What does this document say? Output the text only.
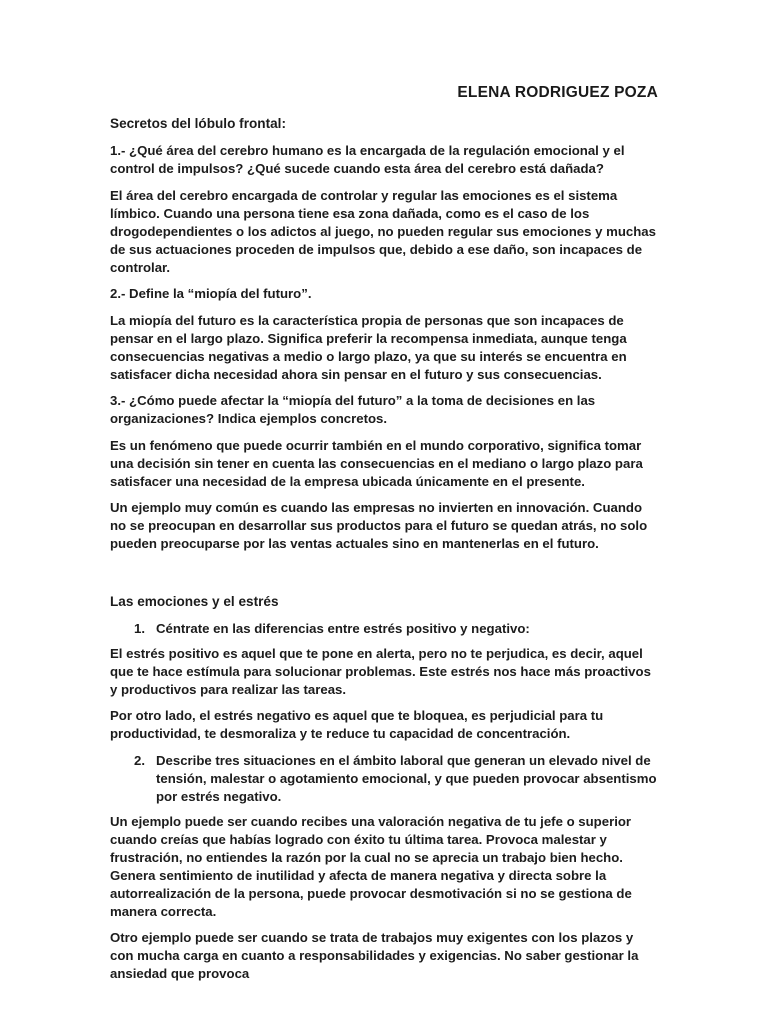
ELENA RODRIGUEZ POZA
Secretos del lóbulo frontal:

1.- ¿Qué área del cerebro humano es la encargada de la regulación emocional y el control de impulsos? ¿Qué sucede cuando esta área del cerebro está dañada?

El área del cerebro encargada de controlar y regular las emociones es el sistema límbico. Cuando una persona tiene esa zona dañada, como es el caso de los drogodependientes o los adictos al juego, no pueden regular sus emociones y muchas de sus actuaciones proceden de impulsos que, debido a ese daño, son incapaces de controlar.

2.- Define la “miopía del futuro”.

La miopía del futuro es la característica propia de personas que son incapaces de pensar en el largo plazo. Significa preferir la recompensa inmediata, aunque tenga consecuencias negativas a medio o largo plazo, ya que su interés se encuentra en satisfacer dicha necesidad ahora sin pensar en el futuro y sus consecuencias.

3.- ¿Cómo puede afectar la “miopía del futuro” a la toma de decisiones en las organizaciones? Indica ejemplos concretos.

Es un fenómeno que puede ocurrir también en el mundo corporativo, significa tomar una decisión sin tener en cuenta las consecuencias en el mediano o largo plazo para satisfacer una necesidad de la empresa ubicada únicamente en el presente.

Un ejemplo muy común es cuando las empresas no invierten en innovación. Cuando no se preocupan en desarrollar sus productos para el futuro se quedan atrás, no solo pueden preocuparse por las ventas actuales sino en mantenerlas en el futuro.

Las emociones y el estrés
1. Céntrate en las diferencias entre estrés positivo y negativo:

El estrés positivo es aquel que te pone en alerta, pero no te perjudica, es decir, aquel que te hace estímula para solucionar problemas. Este estrés nos hace más proactivos y productivos para realizar las tareas.

Por otro lado, el estrés negativo es aquel que te bloquea, es perjudicial para tu productividad, te desmoraliza y te reduce tu capacidad de concentración.

2. Describe tres situaciones en el ámbito laboral que generan un elevado nivel de tensión, malestar o agotamiento emocional, y que pueden provocar absentismo por estrés negativo.

Un ejemplo puede ser cuando recibes una valoración negativa de tu jefe o superior cuando creías que habías logrado con éxito tu última tarea. Provoca malestar y frustración, no entiendes la razón por la cual no se aprecia un trabajo bien hecho. Genera sentimiento de inutilidad y afecta de manera negativa y directa sobre la autorrealización de la persona, puede provocar desmotivación si no se gestiona de manera correcta.

Otro ejemplo puede ser cuando se trata de trabajos muy exigentes con los plazos y con mucha carga en cuanto a responsabilidades y exigencias. No saber gestionar la ansiedad que provoca
